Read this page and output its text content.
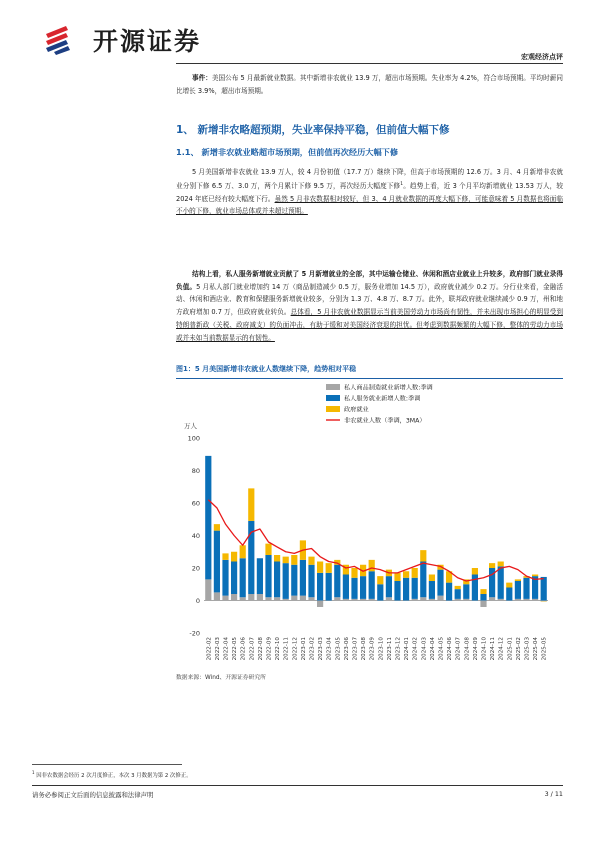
开源证券
宏观经济点评
事件：美国公布 5 月最新就业数据。其中新增非农就业 13.9 万，超出市场预期。失业率为 4.2%，符合市场预期。平均时薪同比增长 3.9%，超出市场预期。
1、 新增非农略超预期，失业率保持平稳，但前值大幅下修
1.1、 新增非农就业略超市场预期，但前值再次经历大幅下修
5 月美国新增非农就业 13.9 万人，较 4 月份初值（17.7 万）继续下降，但高于市场预期的 12.6 万。3 月、4 月新增非农就业分别下修 6.5 万、3.0 万，两个月累计下修 9.5 万，再次经历大幅度下修$^1$。趋势上看，近 3 个月平均新增就业 13.53 万人，较 2024 年底已经有较大幅度下行。虽然 5 月非农数据相对较好，但 3、4 月就业数据的再度大幅下修，可能意味着 5 月数据也将面临不小的下修，就业市场总体或并未超过预期。
结构上看，私人服务新增就业贡献了 5 月新增就业的全部，其中运输仓储业、休闲和酒店业就业上升较多，政府部门就业录得负值。5 月私人部门就业增加约 14 万（商品制造减少 0.5 万，服务业增加 14.5 万），政府就业减少 0.2 万。分行业来看，金融活动、休闲和酒店业、教育和保健服务新增就业较多，分别为 1.3 万、4.8 万、8.7 万。此外，联邦政府就业继续减少 0.9 万，州和地方政府增加 0.7 万，但政府就业转负。总体看，5 月非农就业数据显示当前美国劳动力市场尚有韧性，并未出现市场担心的明显受到特朗普新政（关税、政府减支）的负面冲击，有助于缓和对美国经济衰退的担忧。但考虑到数据频繁的大幅下修，整体的劳动力市场或并未如当前数据显示的有韧性。
图1：5 月美国新增非农就业人数继续下降，趋势相对平稳
万人
-20
0
20
40
60
80
100
2022-02 2022-03 2022-04 2022-05 2022-06 2022-07 2022-08 2022-09 2022-10 2022-11 2022-12 2023-01 2023-02 2023-03 2023-04 2023-05 2023-06 2023-07 2023-08 2023-09 2023-10 2023-11 2023-12 2024-01 2024-02 2024-03 2024-04 2024-05 2024-06 2024-07 2024-08 2024-09 2024-10 2024-11 2024-12 2025-01 2025-02 2025-03 2025-04 2025-05
私人商品制造就业新增人数:季调
私人服务就业新增人数:季调
政府就业
非农就业人数（季调，3MA）
数据来源：Wind、开源证券研究所
$^1$ 因非农数据会经历 2 次月度修正，本次 3 月数据为第 2 次修正。
请务必参阅正文后面的信息披露和法律声明	3 / 11
